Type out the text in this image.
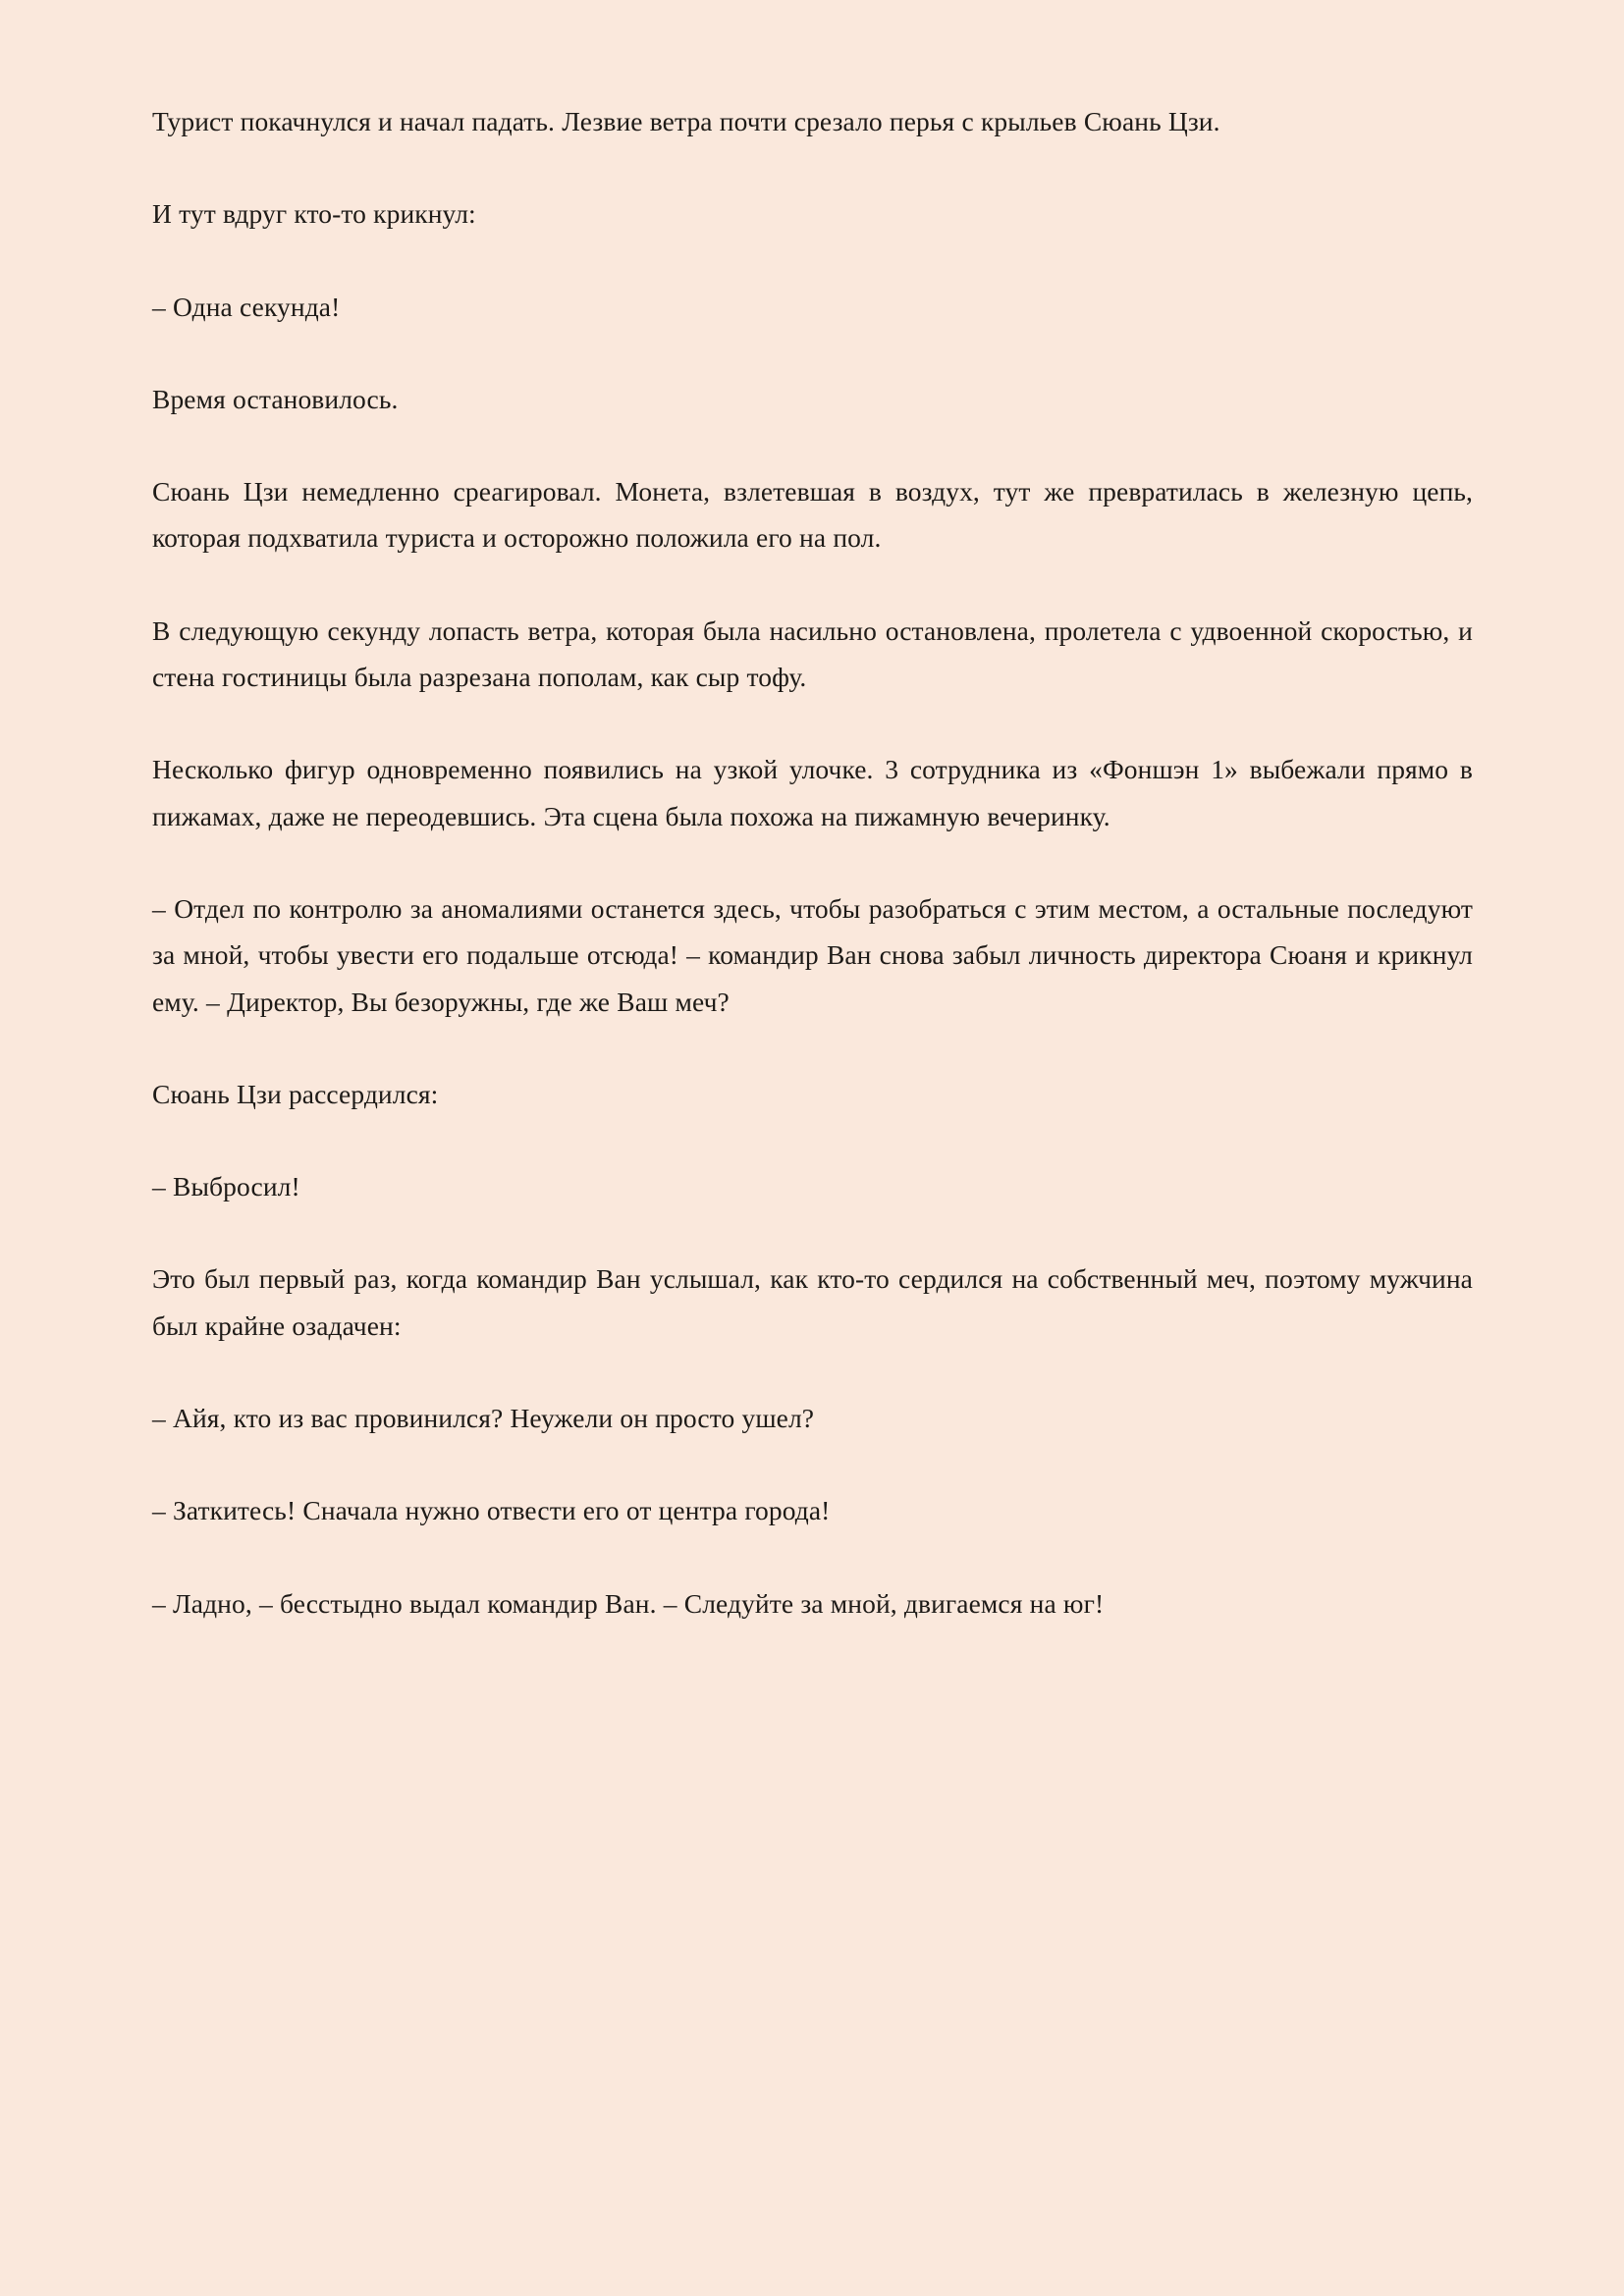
Турист покачнулся и начал падать. Лезвие ветра почти срезало перья с крыльев Сюань Цзи.

И тут вдруг кто-то крикнул:

– Одна секунда!

Время остановилось.

Сюань Цзи немедленно среагировал. Монета, взлетевшая в воздух, тут же превратилась в железную цепь, которая подхватила туриста и осторожно положила его на пол.

В следующую секунду лопасть ветра, которая была насильно остановлена, пролетела с удвоенной скоростью, и стена гостиницы была разрезана пополам, как сыр тофу.

Несколько фигур одновременно появились на узкой улочке. 3 сотрудника из «Фоншэн 1» выбежали прямо в пижамах, даже не переодевшись. Эта сцена была похожа на пижамную вечеринку.

– Отдел по контролю за аномалиями останется здесь, чтобы разобраться с этим местом, а остальные последуют за мной, чтобы увести его подальше отсюда! – командир Ван снова забыл личность директора Сюаня и крикнул ему. – Директор, Вы безоружны, где же Ваш меч?

Сюань Цзи рассердился:

– Выбросил!

Это был первый раз, когда командир Ван услышал, как кто-то сердился на собственный меч, поэтому мужчина был крайне озадачен:

– Айя, кто из вас провинился? Неужели он просто ушел?

– Заткитесь! Сначала нужно отвести его от центра города!

– Ладно, – бесстыдно выдал командир Ван. – Следуйте за мной, двигаемся на юг!
